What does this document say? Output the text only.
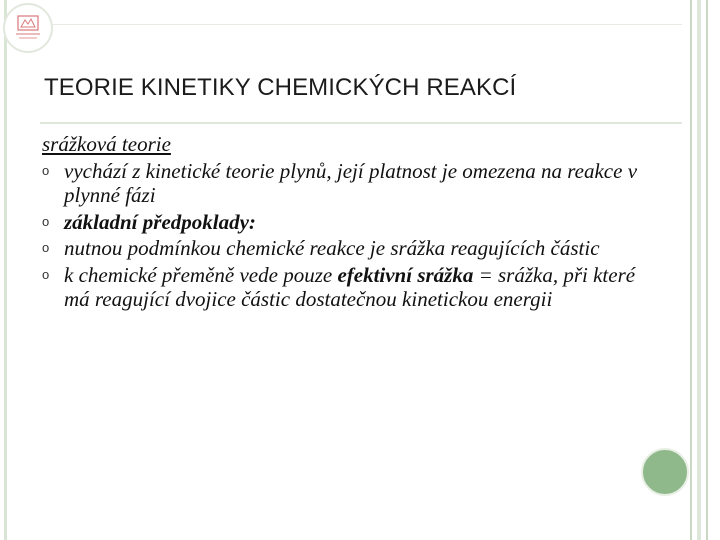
TEORIE KINETIKY CHEMICKÝCH REAKCÍ
srážková teorie
o vychází z kinetické teorie plynů, její platnost je omezena na reakce v plynné fázi
o základní předpoklady:
o nutnou podmínkou chemické reakce je srážka reagujících částic
o k chemické přeměně vede pouze efektivní srážka = srážka, při které má reagující dvojice částic dostatečnou kinetickou energii
